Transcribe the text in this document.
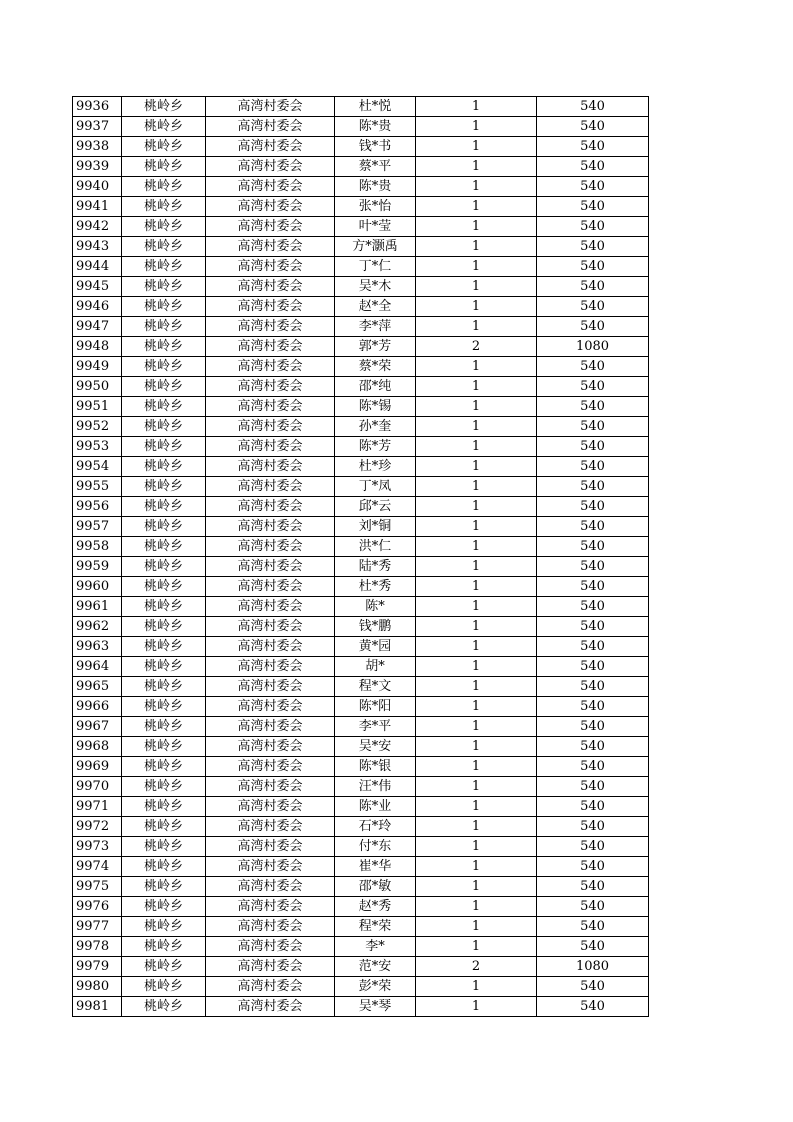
9936	桃岭乡	高湾村委会	杜*悦	1	540
9937	桃岭乡	高湾村委会	陈*贵	1	540
9938	桃岭乡	高湾村委会	钱*书	1	540
9939	桃岭乡	高湾村委会	蔡*平	1	540
9940	桃岭乡	高湾村委会	陈*贵	1	540
9941	桃岭乡	高湾村委会	张*怡	1	540
9942	桃岭乡	高湾村委会	叶*莹	1	540
9943	桃岭乡	高湾村委会	方*灏禹	1	540
9944	桃岭乡	高湾村委会	丁*仁	1	540
9945	桃岭乡	高湾村委会	吴*木	1	540
9946	桃岭乡	高湾村委会	赵*全	1	540
9947	桃岭乡	高湾村委会	李*萍	1	540
9948	桃岭乡	高湾村委会	郭*芳	2	1080
9949	桃岭乡	高湾村委会	蔡*荣	1	540
9950	桃岭乡	高湾村委会	邵*纯	1	540
9951	桃岭乡	高湾村委会	陈*锡	1	540
9952	桃岭乡	高湾村委会	孙*奎	1	540
9953	桃岭乡	高湾村委会	陈*芳	1	540
9954	桃岭乡	高湾村委会	杜*珍	1	540
9955	桃岭乡	高湾村委会	丁*凤	1	540
9956	桃岭乡	高湾村委会	邱*云	1	540
9957	桃岭乡	高湾村委会	刘*铜	1	540
9958	桃岭乡	高湾村委会	洪*仁	1	540
9959	桃岭乡	高湾村委会	陆*秀	1	540
9960	桃岭乡	高湾村委会	杜*秀	1	540
9961	桃岭乡	高湾村委会	陈*	1	540
9962	桃岭乡	高湾村委会	钱*鹏	1	540
9963	桃岭乡	高湾村委会	黄*园	1	540
9964	桃岭乡	高湾村委会	胡*	1	540
9965	桃岭乡	高湾村委会	程*文	1	540
9966	桃岭乡	高湾村委会	陈*阳	1	540
9967	桃岭乡	高湾村委会	李*平	1	540
9968	桃岭乡	高湾村委会	吴*安	1	540
9969	桃岭乡	高湾村委会	陈*银	1	540
9970	桃岭乡	高湾村委会	汪*伟	1	540
9971	桃岭乡	高湾村委会	陈*业	1	540
9972	桃岭乡	高湾村委会	石*玲	1	540
9973	桃岭乡	高湾村委会	付*东	1	540
9974	桃岭乡	高湾村委会	崔*华	1	540
9975	桃岭乡	高湾村委会	邵*敏	1	540
9976	桃岭乡	高湾村委会	赵*秀	1	540
9977	桃岭乡	高湾村委会	程*荣	1	540
9978	桃岭乡	高湾村委会	李*	1	540
9979	桃岭乡	高湾村委会	范*安	2	1080
9980	桃岭乡	高湾村委会	彭*荣	1	540
9981	桃岭乡	高湾村委会	吴*琴	1	540
